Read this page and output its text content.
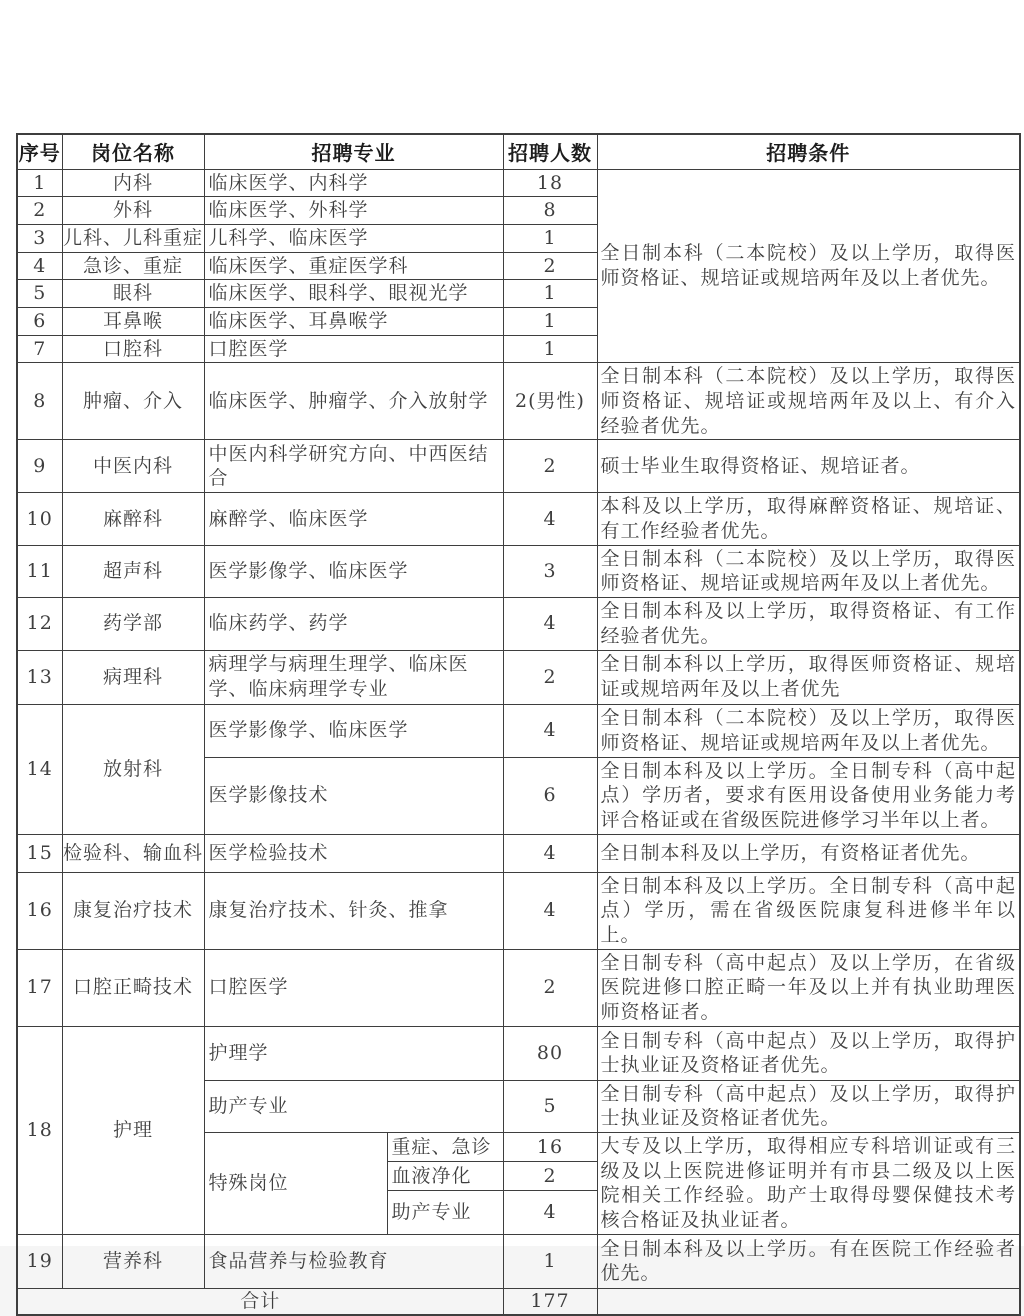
序号	岗位名称	招聘专业		招聘人数	招聘条件
1	内科	临床医学、内科学		18	全日制本科（二本院校）及以上学历，取得医师资格证、规培证或规培两年及以上者优先。
2	外科	临床医学、外科学		8	
3	儿科、儿科重症	儿科学、临床医学		1	
4	急诊、重症	临床医学、重症医学科		2	
5	眼科	临床医学、眼科学、眼视光学		1	
6	耳鼻喉	临床医学、耳鼻喉学		1	
7	口腔科	口腔医学		1	
8	肿瘤、介入	临床医学、肿瘤学、介入放射学		2(男性)	全日制本科（二本院校）及以上学历，取得医师资格证、规培证或规培两年及以上、有介入经验者优先。
9	中医内科	中医内科学研究方向、中西医结合		2	硕士毕业生取得资格证、规培证者。
10	麻醉科	麻醉学、临床医学		4	本科及以上学历，取得麻醉资格证、规培证、有工作经验者优先。
11	超声科	医学影像学、临床医学		3	全日制本科（二本院校）及以上学历，取得医师资格证、规培证或规培两年及以上者优先。
12	药学部	临床药学、药学		4	全日制本科及以上学历，取得资格证、有工作经验者优先。
13	病理科	病理学与病理生理学、临床医学、临床病理学专业		2	全日制本科以上学历，取得医师资格证、规培证或规培两年及以上者优先
14	放射科	医学影像学、临床医学		4	全日制本科（二本院校）及以上学历，取得医师资格证、规培证或规培两年及以上者优先。
		医学影像技术		6	全日制本科及以上学历。全日制专科（高中起点）学历者，要求有医用设备使用业务能力考评合格证或在省级医院进修学习半年以上者。
15	检验科、输血科	医学检验技术		4	全日制本科及以上学历，有资格证者优先。
16	康复治疗技术	康复治疗技术、针灸、推拿		4	全日制本科及以上学历。全日制专科（高中起点）学历，需在省级医院康复科进修半年以上。
17	口腔正畸技术	口腔医学		2	全日制专科（高中起点）及以上学历，在省级医院进修口腔正畸一年及以上并有执业助理医师资格证者。
18	护理	护理学		80	全日制专科（高中起点）及以上学历，取得护士执业证及资格证者优先。
		助产专业		5	全日制专科（高中起点）及以上学历，取得护士执业证及资格证者优先。
		特殊岗位	重症、急诊	16	大专及以上学历，取得相应专科培训证或有三级及以上医院进修证明并有市县二级及以上医院相关工作经验。助产士取得母婴保健技术考核合格证及执业证者。
			血液净化	2	
			助产专业	4	
19	营养科	食品营养与检验教育		1	全日制本科及以上学历。有在医院工作经验者优先。
合计				177	
